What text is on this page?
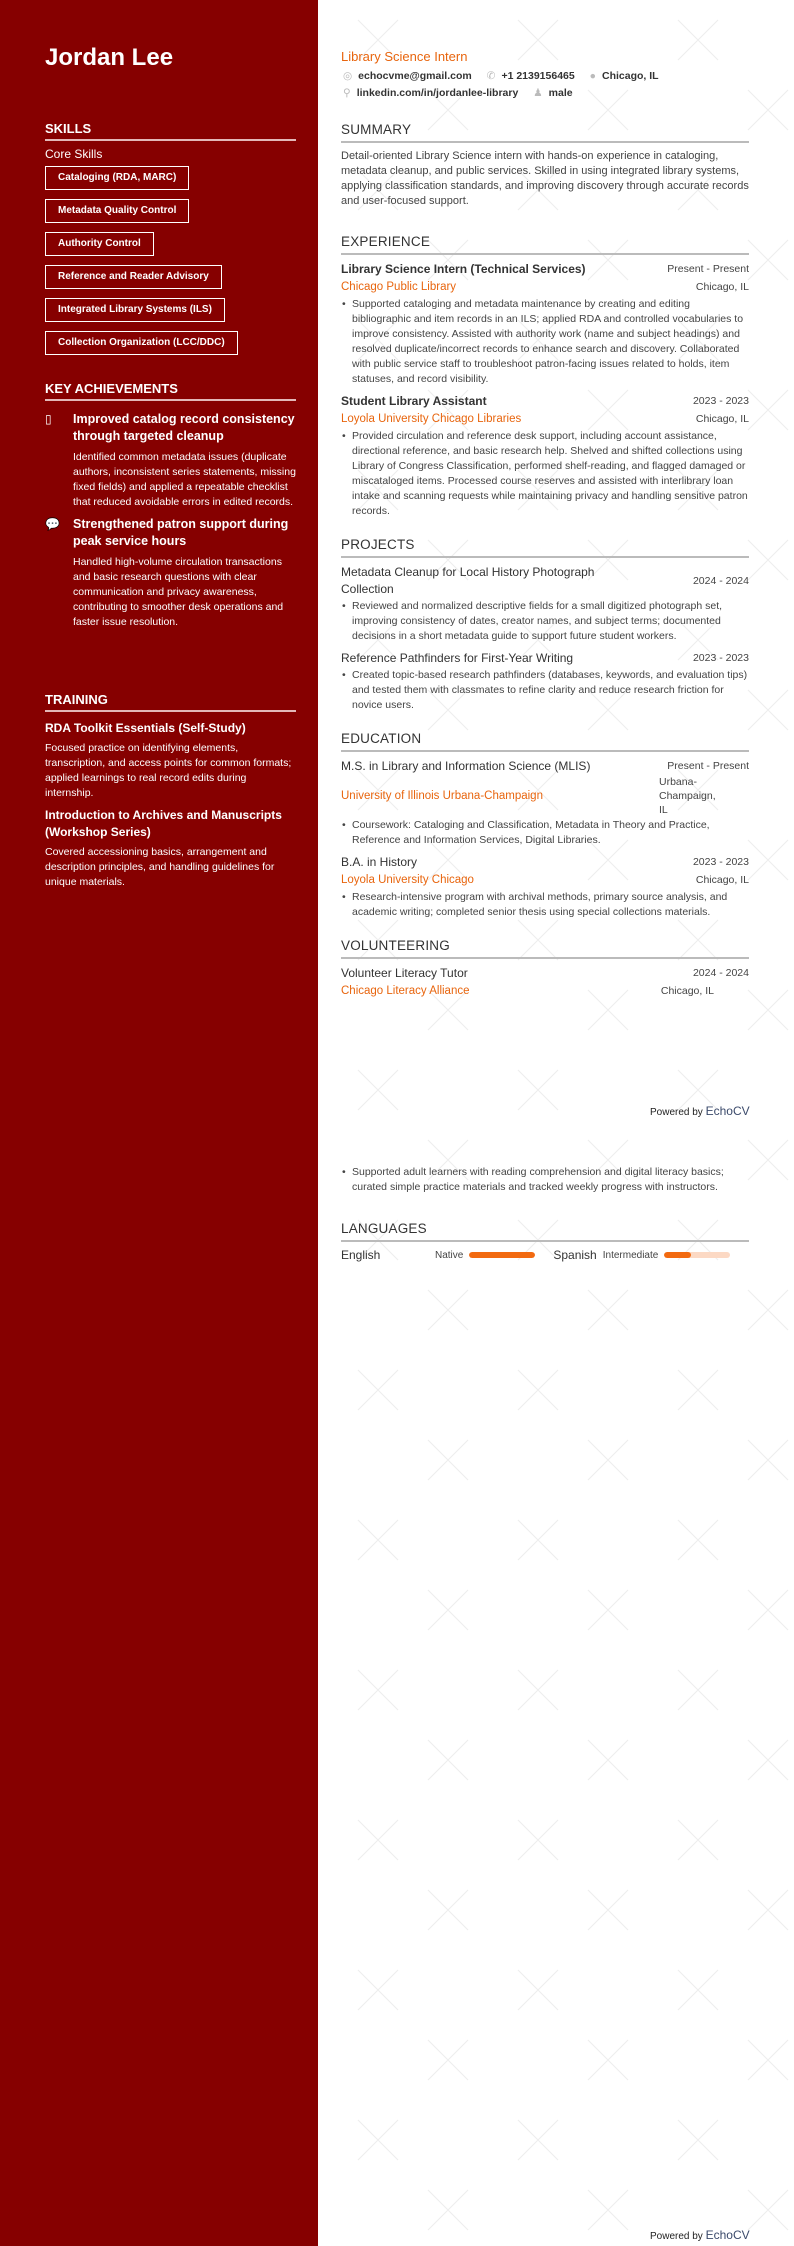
Jordan Lee
SKILLS
Core Skills
Cataloging (RDA, MARC)
Metadata Quality Control
Authority Control
Reference and Reader Advisory
Integrated Library Systems (ILS)
Collection Organization (LCC/DDC)
KEY ACHIEVEMENTS
▯	Improved catalog record consistency through targeted cleanup
Identified common metadata issues (duplicate authors, inconsistent series statements, missing fixed fields) and applied a repeatable checklist that reduced avoidable errors in edited records.
💬	Strengthened patron support during peak service hours
Handled high-volume circulation transactions and basic research questions with clear communication and privacy awareness, contributing to smoother desk operations and faster issue resolution.
TRAINING
RDA Toolkit Essentials (Self-Study)
Focused practice on identifying elements, transcription, and access points for common formats; applied learnings to real record edits during internship.
Introduction to Archives and Manuscripts (Workshop Series)
Covered accessioning basics, arrangement and description principles, and handling guidelines for unique materials.
Library Science Intern
◎ echocvme@gmail.com ✆ +1 2139156465 ● Chicago, IL
⚲ linkedin.com/in/jordanlee-library ♟ male
SUMMARY
Detail-oriented Library Science intern with hands-on experience in cataloging, metadata cleanup, and public services. Skilled in using integrated library systems, applying classification standards, and improving discovery through accurate records and user-focused support.
EXPERIENCE
Library Science Intern (Technical Services)	Present - Present
Chicago Public Library	Chicago, IL
• Supported cataloging and metadata maintenance by creating and editing bibliographic and item records in an ILS; applied RDA and controlled vocabularies to improve consistency. Assisted with authority work (name and subject headings) and resolved duplicate/incorrect records to enhance search and discovery. Collaborated with public service staff to troubleshoot patron-facing issues related to holds, item statuses, and record visibility.
Student Library Assistant	2023 - 2023
Loyola University Chicago Libraries	Chicago, IL
• Provided circulation and reference desk support, including account assistance, directional reference, and basic research help. Shelved and shifted collections using Library of Congress Classification, performed shelf-reading, and flagged damaged or miscataloged items. Processed course reserves and assisted with interlibrary loan intake and scanning requests while maintaining privacy and handling sensitive patron records.
PROJECTS
Metadata Cleanup for Local History Photograph Collection
2024 - 2024
• Reviewed and normalized descriptive fields for a small digitized photograph set, improving consistency of dates, creator names, and subject terms; documented decisions in a short metadata guide to support future student workers.
Reference Pathfinders for First-Year Writing	2023 - 2023
• Created topic-based research pathfinders (databases, keywords, and evaluation tips) and tested them with classmates to refine clarity and reduce research friction for novice users.
EDUCATION
M.S. in Library and Information Science (MLIS)	Present - Present
University of Illinois Urbana-Champaign
Urbana-Champaign, IL
• Coursework: Cataloging and Classification, Metadata in Theory and Practice, Reference and Information Services, Digital Libraries.
B.A. in History	2023 - 2023
Loyola University Chicago	Chicago, IL
• Research-intensive program with archival methods, primary source analysis, and academic writing; completed senior thesis using special collections materials.
VOLUNTEERING
Volunteer Literacy Tutor	2024 - 2024
Chicago Literacy Alliance	Chicago, IL
Powered by EchoCV
• Supported adult learners with reading comprehension and digital literacy basics; curated simple practice materials and tracked weekly progress with instructors.
LANGUAGES
English	Native	Spanish Intermediate
Powered by EchoCV
